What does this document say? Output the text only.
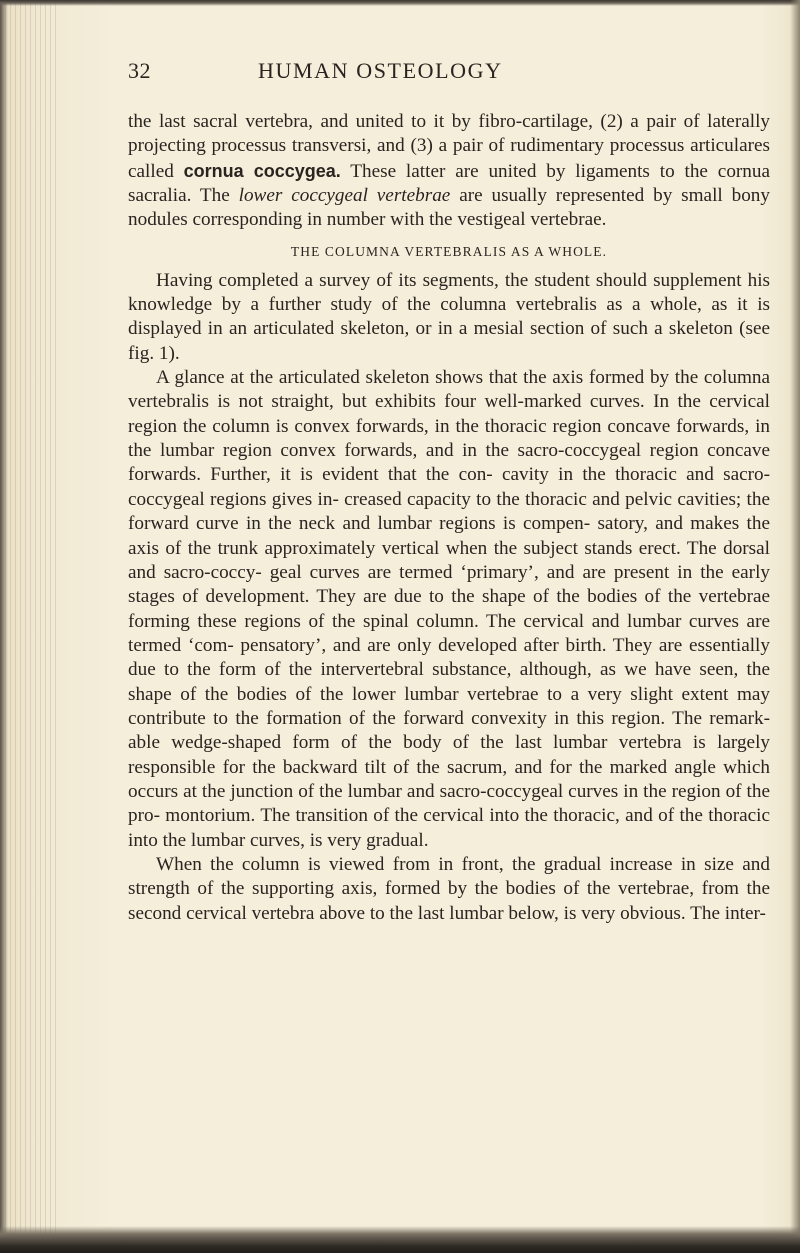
32	HUMAN OSTEOLOGY

the last sacral vertebra, and united to it by fibro-cartilage, (2) a pair of laterally projecting processus transversi, and (3) a pair of rudimentary processus articulares called cornua coccygea. These latter are united by ligaments to the cornua sacralia. The lower coccygeal vertebrae are usually represented by small bony nodules corresponding in number with the vestigeal vertebrae.

THE COLUMNA VERTEBRALIS AS A WHOLE.

Having completed a survey of its segments, the student should supplement his knowledge by a further study of the columna vertebralis as a whole, as it is displayed in an articulated skeleton, or in a mesial section of such a skeleton (see fig. 1).

A glance at the articulated skeleton shows that the axis formed by the columna vertebralis is not straight, but exhibits four well-marked curves. In the cervical region the column is convex forwards, in the thoracic region concave forwards, in the lumbar region convex forwards, and in the sacro-coccygeal region concave forwards. Further, it is evident that the con- cavity in the thoracic and sacro-coccygeal regions gives in- creased capacity to the thoracic and pelvic cavities; the forward curve in the neck and lumbar regions is compen- satory, and makes the axis of the trunk approximately vertical when the subject stands erect. The dorsal and sacro-coccy- geal curves are termed ‘primary’, and are present in the early stages of development. They are due to the shape of the bodies of the vertebrae forming these regions of the spinal column. The cervical and lumbar curves are termed ‘com- pensatory’, and are only developed after birth. They are essentially due to the form of the intervertebral substance, although, as we have seen, the shape of the bodies of the lower lumbar vertebrae to a very slight extent may contribute to the formation of the forward convexity in this region. The remark- able wedge-shaped form of the body of the last lumbar vertebra is largely responsible for the backward tilt of the sacrum, and for the marked angle which occurs at the junction of the lumbar and sacro-coccygeal curves in the region of the pro- montorium. The transition of the cervical into the thoracic, and of the thoracic into the lumbar curves, is very gradual.

When the column is viewed from in front, the gradual increase in size and strength of the supporting axis, formed by the bodies of the vertebrae, from the second cervical vertebra above to the last lumbar below, is very obvious. The inter-
